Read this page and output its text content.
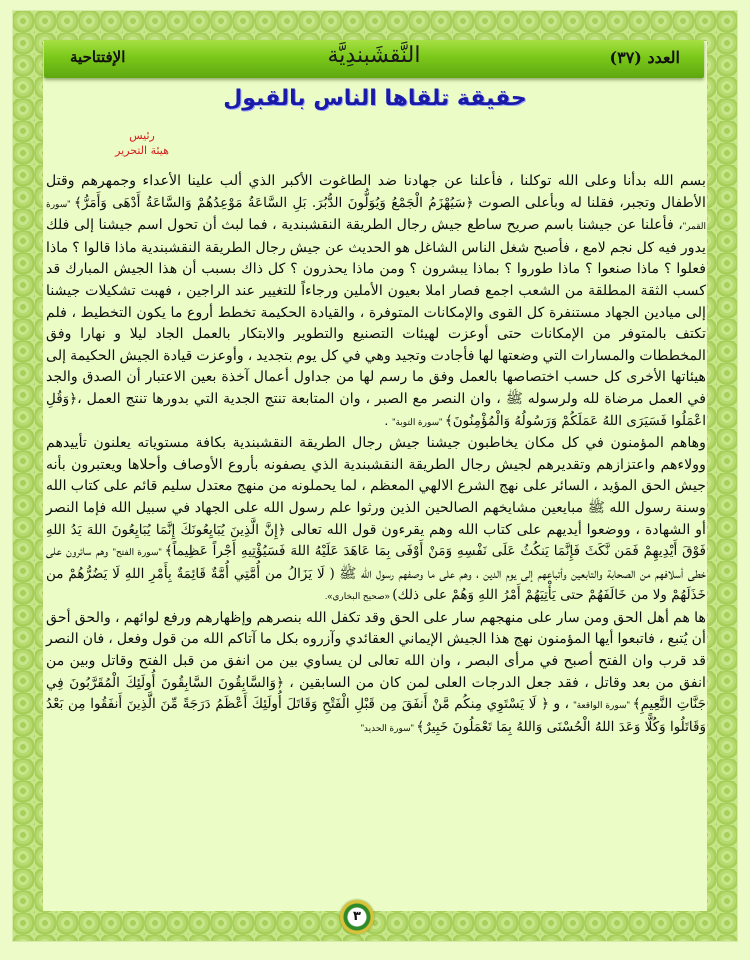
العدد (٣٧)
النَّقشَبندِيَّة
الإفتتاحية
حقيقة تلقاها الناس بالقبول
رئيس
هيئة التحرير

بسم الله بدأنا وعلى الله توكلنا ، فأعلنا عن جهادنا ضد الطاغوت الأكبر الذي ألب علينا الأعداء وجمهرهم وقتل الأطفال وتجبر، فقلنا له وبأعلى الصوت ﴿سَيُهْزَمُ الْجَمْعُ وَيُوَلُّونَ الدُّبُرَ. بَلِ السَّاعَةُ مَوْعِدُهُمْ وَالسَّاعَةُ أَدْهَى وَأَمَرُّ﴾ "سورة القمر"، فأعلنا عن جيشنا باسم صريح ساطع جيش رجال الطريقة النقشبندية ، فما لبث أن تحول اسم جيشنا إلى فلك يدور فيه كل نجم لامع ، فأصبح شغل الناس الشاغل هو الحديث عن جيش رجال الطريقة النقشبندية ماذا قالوا ؟ ماذا فعلوا ؟ ماذا صنعوا ؟ ماذا طوروا ؟ بماذا يبشرون ؟ ومن ماذا يحذرون ؟ كل ذاك بسبب أن هذا الجيش المبارك قد كسب الثقة المطلقة من الشعب اجمع فصار املا بعيون الأملين ورجاءاً للتغيير عند الراجين ، فهبت تشكيلات جيشنا إلى ميادين الجهاد مستنفرة كل القوى والإمكانات المتوفرة ، والقيادة الحكيمة تخطط أروع ما يكون التخطيط ، فلم تكتف بالمتوفر من الإمكانات حتى أوعزت لهيئات التصنيع والتطوير والابتكار بالعمل الجاد ليلا و نهارا وفق المخططات والمسارات التي وضعتها لها فأجادت وتجيد وهي في كل يوم بتجديد ، وأوعزت قيادة الجيش الحكيمة إلى هيئاتها الأخرى كل حسب اختصاصها بالعمل وفق ما رسم لها من جداول أعمال آخذة بعين الاعتبار أن الصدق والجد في العمل مرضاة لله ولرسوله ﷺ ، وان النصر مع الصبر ، وان المتابعة تنتج الجدية التي بدورها تنتج العمل ،﴿وَقُلِ اعْمَلُوا فَسَيَرَى اللهُ عَمَلَكُمْ وَرَسُولُهُ وَالْمُؤْمِنُونَ﴾ "سورة التوبة" .

وهاهم المؤمنون في كل مكان يخاطبون جيشنا جيش رجال الطريقة النقشبندية بكافة مستوياته يعلنون تأييدهم وولاءهم واعتزازهم وتقديرهم لجيش رجال الطريقة النقشبندية الذي يصفونه بأروع الأوصاف وأحلاها ويعتبرون بأنه جيش الحق المؤيد ، السائر على نهج الشرع الالهي المعظم ، لما يحملونه من منهج معتدل سليم قائم على كتاب الله وسنة رسول الله ﷺ مبايعين مشايخهم الصالحين الذين ورثوا علم رسول الله على الجهاد في سبيل الله فإما النصر أو الشهادة ، ووضعوا أيديهم على كتاب الله وهم يقرءون قول الله تعالى ﴿إِنَّ الَّذِينَ يُبَايِعُونَكَ إِنَّمَا يُبَايِعُونَ اللهَ يَدُ اللهِ فَوْقَ أَيْدِيهِمْ فَمَن نَّكَثَ فَإِنَّمَا يَنكُثُ عَلَى نَفْسِهِ وَمَنْ أَوْفَى بِمَا عَاهَدَ عَلَيْهُ اللهَ فَسَيُؤْتِيهِ أَجْراً عَظِيماً﴾ "سورة الفتح" وهم سائرون على خطى أسلافهم من الصحابة والتابعين وأتباعهم إلى يوم الدين ، وهم على ما وصفهم رسول الله ﷺ ( لَا يَزَالُ من أُمَّتِي أُمَّةٌ قَائِمَةٌ بِأَمْرِ اللهِ لَا يَضُرُّهُمْ من خَذَلَهُمْ ولا من خَالَفَهُمْ حتى يَأْتِيَهُمْ أَمْرُ اللهِ وَهُمْ على ذلك) «صحيح البخاري».

ها هم أهل الحق ومن سار على منهجهم سار على الحق وقد تكفل الله بنصرهم وإظهارهم ورفع لوائهم ، والحق أحق أن يُتبع ، فاتبعوا أيها المؤمنون نهج هذا الجيش الإيماني العقائدي وآزروه بكل ما آتاكم الله من قول وفعل ، فان النصر قد قرب وان الفتح أصبح في مرأى البصر ، وان الله تعالى لن يساوي بين من انفق من قبل الفتح وقاتل وبين من انفق من بعد وقاتل ، فقد جعل الدرجات العلى لمن كان من السابقين ، ﴿وَالسَّابِقُونَ السَّابِقُونَ أُولَئِكَ الْمُقَرَّبُونَ فِي جَنَّاتِ النَّعِيمِ﴾ "سورة الواقعة" ، و ﴿ لَا يَسْتَوِي مِنكُم مَّنْ أَنفَقَ مِن قَبْلِ الْفَتْحِ وَقَاتَلَ أُولَئِكَ أَعْظَمُ دَرَجَةً مِّنَ الَّذِينَ أَنفَقُوا مِن بَعْدُ وَقَاتَلُوا وَكُلًّا وَعَدَ اللهُ الْحُسْنَى وَاللهُ بِمَا تَعْمَلُونَ خَبِيرٌ﴾ "سورة الحديد"

٣
